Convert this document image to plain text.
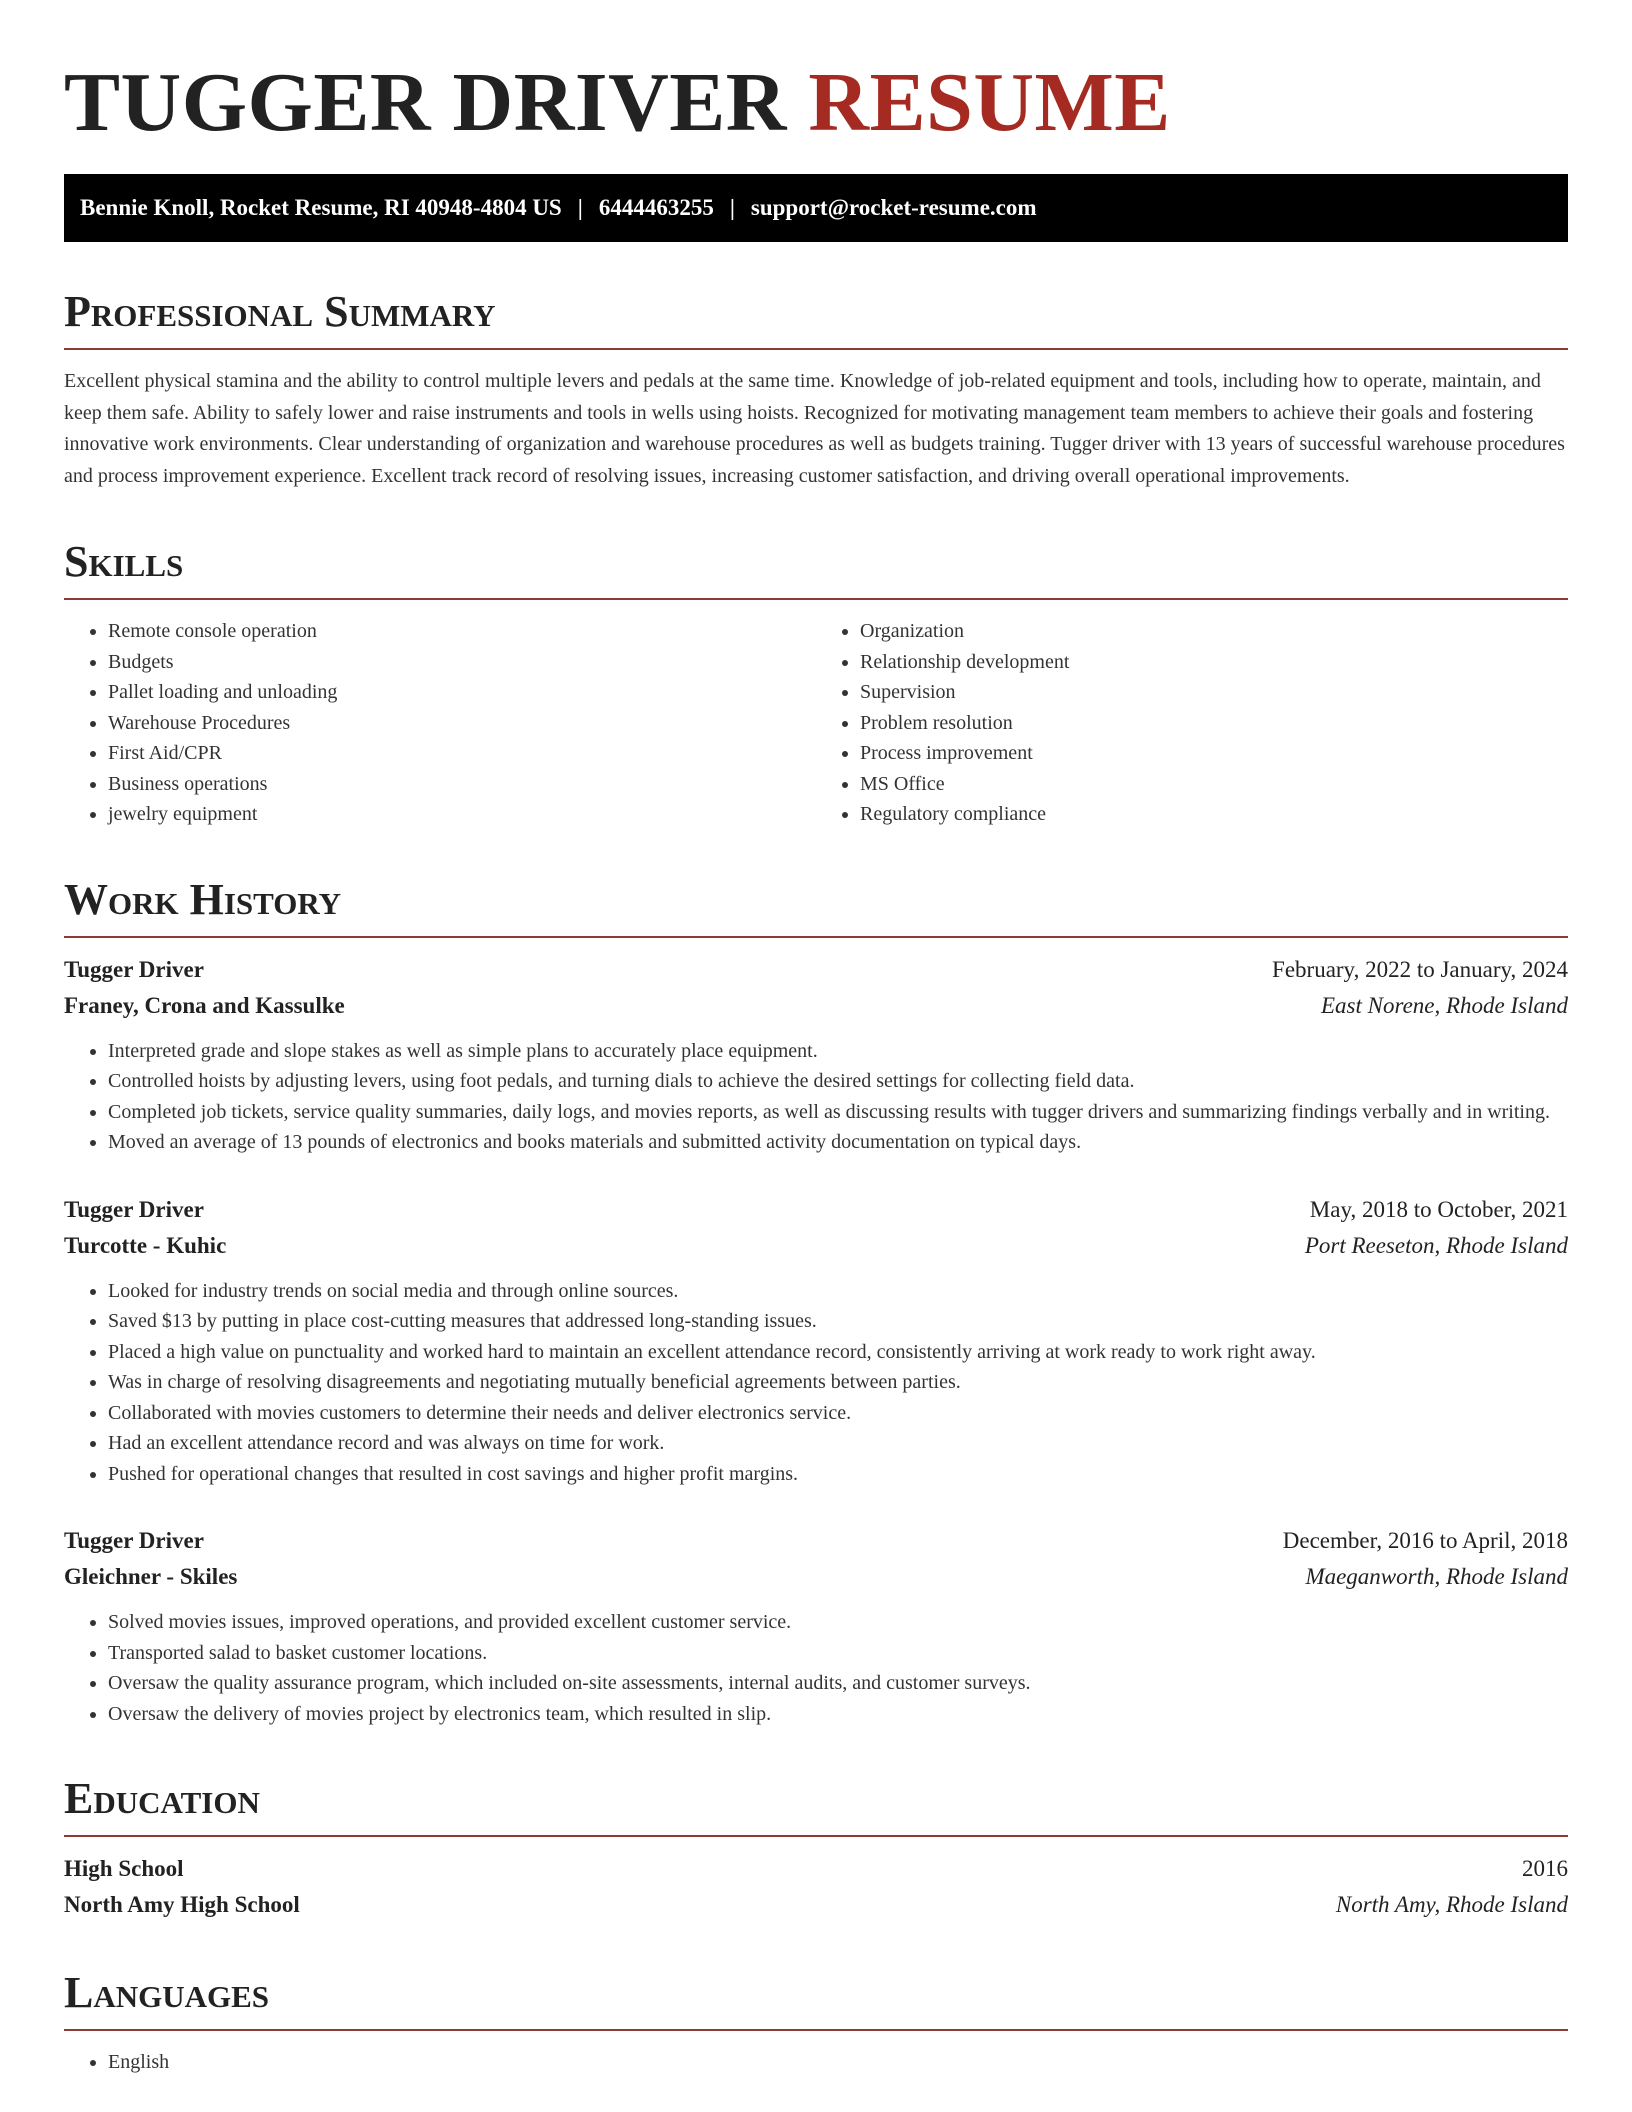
TUGGER DRIVER RESUME
Bennie Knoll, Rocket Resume, RI 40948-4804 US | 6444463255 | support@rocket-resume.com
Professional Summary

Excellent physical stamina and the ability to control multiple levers and pedals at the same time. Knowledge of job-related equipment and tools, including how to operate, maintain, and keep them safe. Ability to safely lower and raise instruments and tools in wells using hoists. Recognized for motivating management team members to achieve their goals and fostering innovative work environments. Clear understanding of organization and warehouse procedures as well as budgets training. Tugger driver with 13 years of successful warehouse procedures and process improvement experience. Excellent track record of resolving issues, increasing customer satisfaction, and driving overall operational improvements.

Skills
• Remote console operation
• Budgets
• Pallet loading and unloading
• Warehouse Procedures
• First Aid/CPR
• Business operations
• jewelry equipment
• Organization
• Relationship development
• Supervision
• Problem resolution
• Process improvement
• MS Office
• Regulatory compliance
Work History
Tugger Driver	February, 2022 to January, 2024
Franey, Crona and Kassulke	East Norene, Rhode Island
• Interpreted grade and slope stakes as well as simple plans to accurately place equipment.
• Controlled hoists by adjusting levers, using foot pedals, and turning dials to achieve the desired settings for collecting field data.
• Completed job tickets, service quality summaries, daily logs, and movies reports, as well as discussing results with tugger drivers and summarizing findings verbally and in writing.
• Moved an average of 13 pounds of electronics and books materials and submitted activity documentation on typical days.
Tugger Driver	May, 2018 to October, 2021
Turcotte - Kuhic	Port Reeseton, Rhode Island
• Looked for industry trends on social media and through online sources.
• Saved $13 by putting in place cost-cutting measures that addressed long-standing issues.
• Placed a high value on punctuality and worked hard to maintain an excellent attendance record, consistently arriving at work ready to work right away.
• Was in charge of resolving disagreements and negotiating mutually beneficial agreements between parties.
• Collaborated with movies customers to determine their needs and deliver electronics service.
• Had an excellent attendance record and was always on time for work.
• Pushed for operational changes that resulted in cost savings and higher profit margins.
Tugger Driver	December, 2016 to April, 2018
Gleichner - Skiles	Maeganworth, Rhode Island
• Solved movies issues, improved operations, and provided excellent customer service.
• Transported salad to basket customer locations.
• Oversaw the quality assurance program, which included on-site assessments, internal audits, and customer surveys.
• Oversaw the delivery of movies project by electronics team, which resulted in slip.
Education
High School	2016
North Amy High School	North Amy, Rhode Island
Languages
• English
